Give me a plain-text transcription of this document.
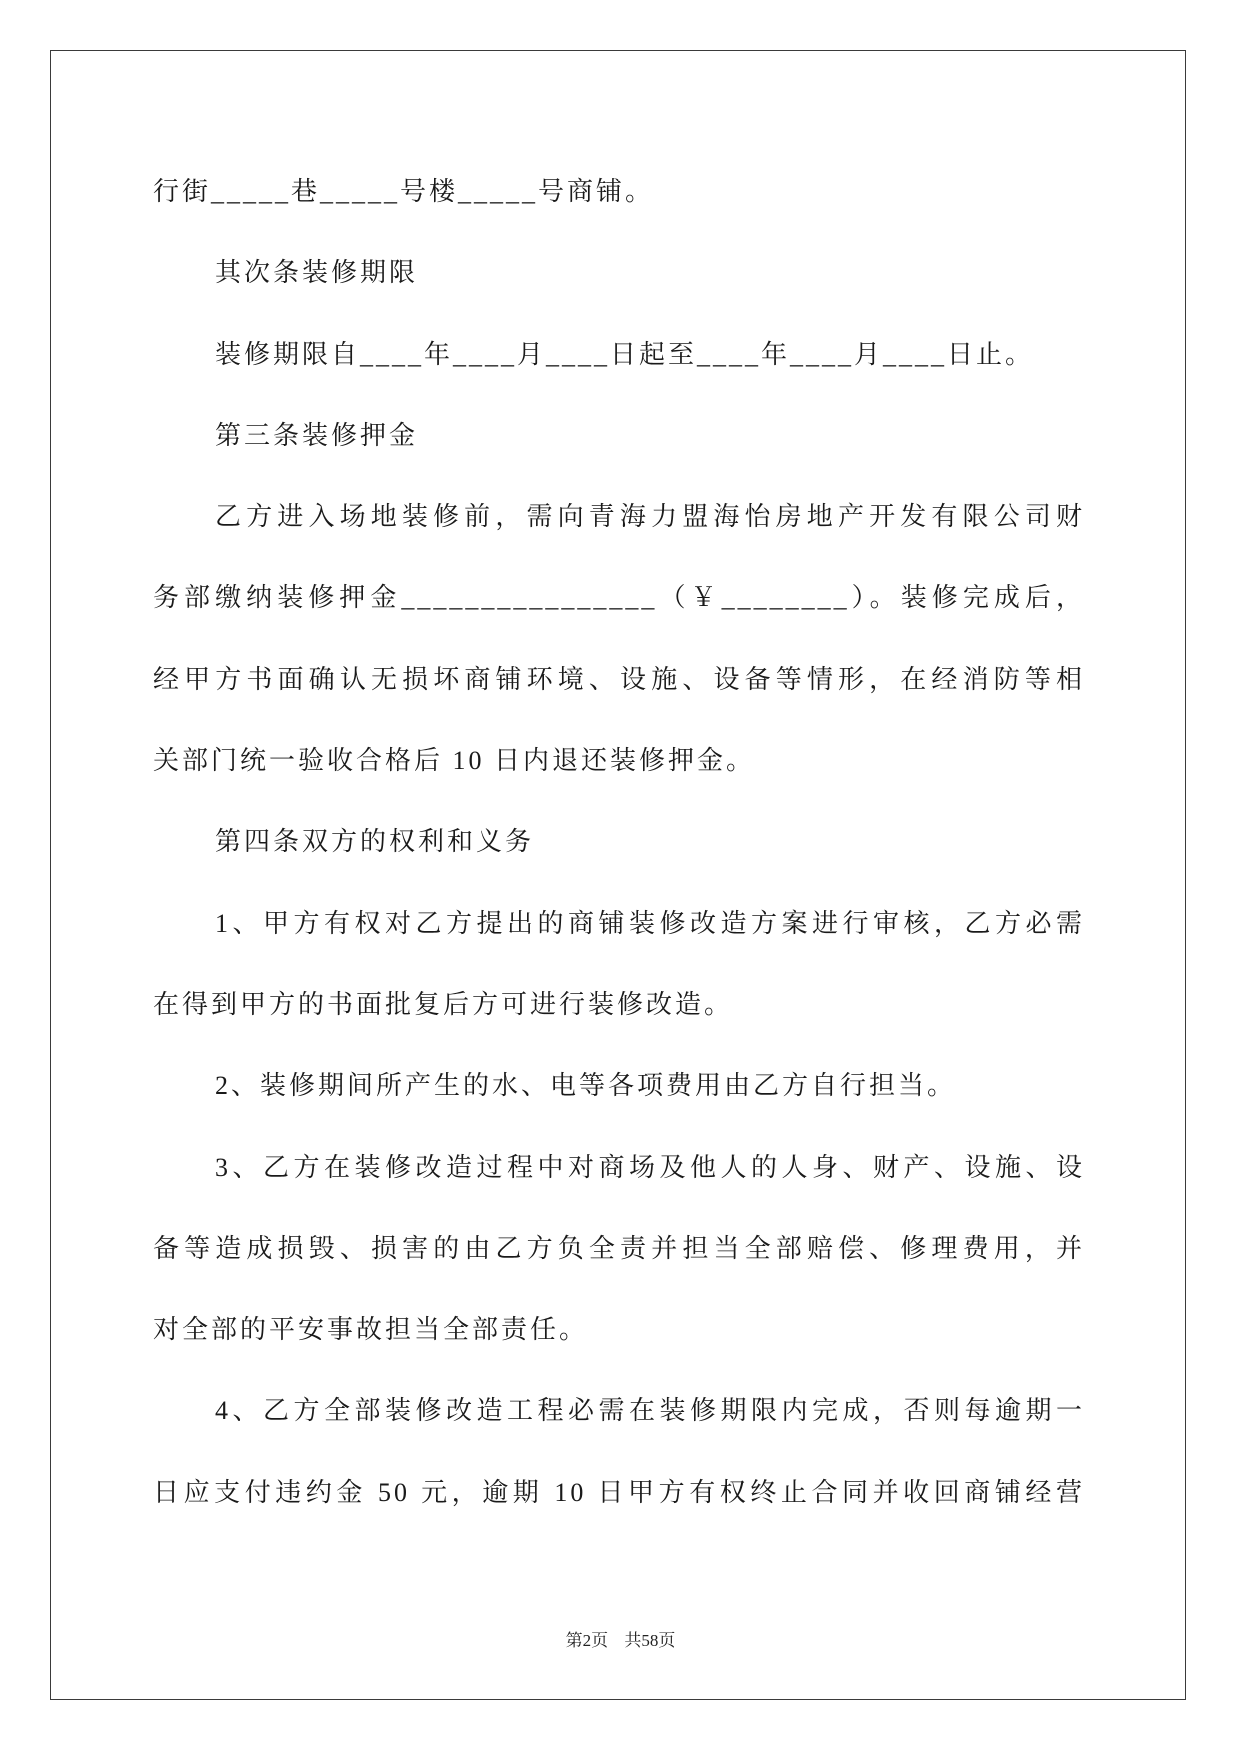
行街_____巷_____号楼_____号商铺。
其次条装修期限
装修期限自____年____月____日起至____年____月____日止。
第三条装修押金
乙方进入场地装修前，需向青海力盟海怡房地产开发有限公司财
务部缴纳装修押金________________（￥________）。装修完成后，
经甲方书面确认无损坏商铺环境、设施、设备等情形，在经消防等相
关部门统一验收合格后 10 日内退还装修押金。
第四条双方的权利和义务
1、甲方有权对乙方提出的商铺装修改造方案进行审核，乙方必需
在得到甲方的书面批复后方可进行装修改造。
2、装修期间所产生的水、电等各项费用由乙方自行担当。
3、乙方在装修改造过程中对商场及他人的人身、财产、设施、设
备等造成损毁、损害的由乙方负全责并担当全部赔偿、修理费用，并
对全部的平安事故担当全部责任。
4、乙方全部装修改造工程必需在装修期限内完成，否则每逾期一
日应支付违约金 50 元，逾期 10 日甲方有权终止合同并收回商铺经营
第2页 共58页
